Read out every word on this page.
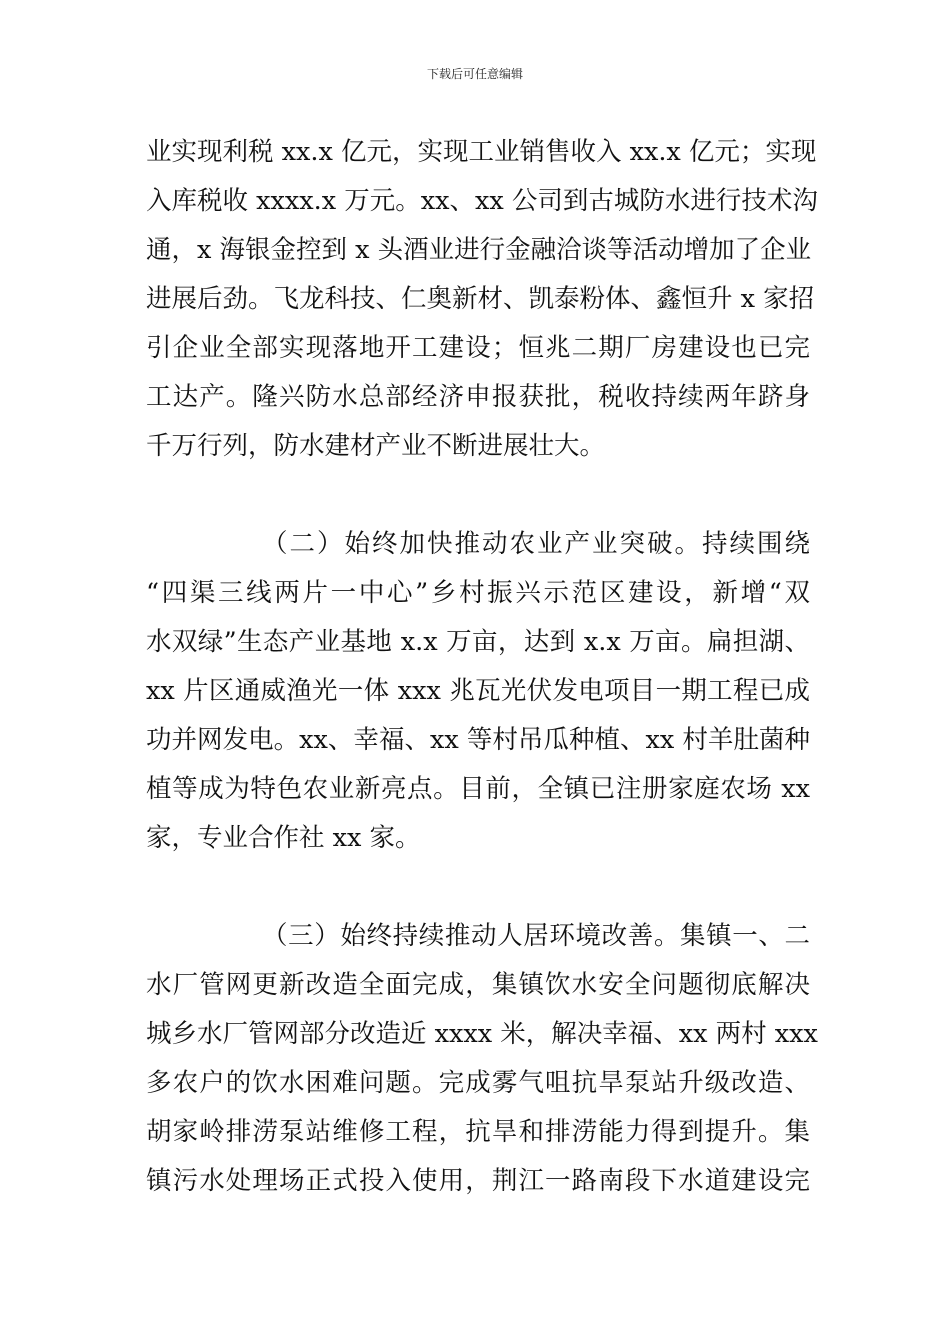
下载后可任意编辑
业实现利税 xx.x 亿元，实现工业销售收入 xx.x 亿元；实现
入库税收 xxxx.x 万元。xx、xx 公司到古城防水进行技术沟
通，x 海银金控到 x 头酒业进行金融洽谈等活动增加了企业
进展后劲。飞龙科技、仁奥新材、凯泰粉体、鑫恒升 x 家招
引企业全部实现落地开工建设；恒兆二期厂房建设也已完
工达产。隆兴防水总部经济申报获批，税收持续两年跻身
千万行列，防水建材产业不断进展壮大。
（二）始终加快推动农业产业突破。持续围绕
“四渠三线两片一中心”乡村振兴示范区建设，新增“双
水双绿”生态产业基地 x.x 万亩，达到 x.x 万亩。扁担湖、
xx 片区通威渔光一体 xxx 兆瓦光伏发电项目一期工程已成
功并网发电。xx、幸福、xx 等村吊瓜种植、xx 村羊肚菌种
植等成为特色农业新亮点。目前，全镇已注册家庭农场 xx
家，专业合作社 xx 家。
（三）始终持续推动人居环境改善。集镇一、二
水厂管网更新改造全面完成，集镇饮水安全问题彻底解决
城乡水厂管网部分改造近 xxxx 米，解决幸福、xx 两村 xxx
多农户的饮水困难问题。完成雾气咀抗旱泵站升级改造、
胡家岭排涝泵站维修工程，抗旱和排涝能力得到提升。集
镇污水处理场正式投入使用，荆江一路南段下水道建设完
